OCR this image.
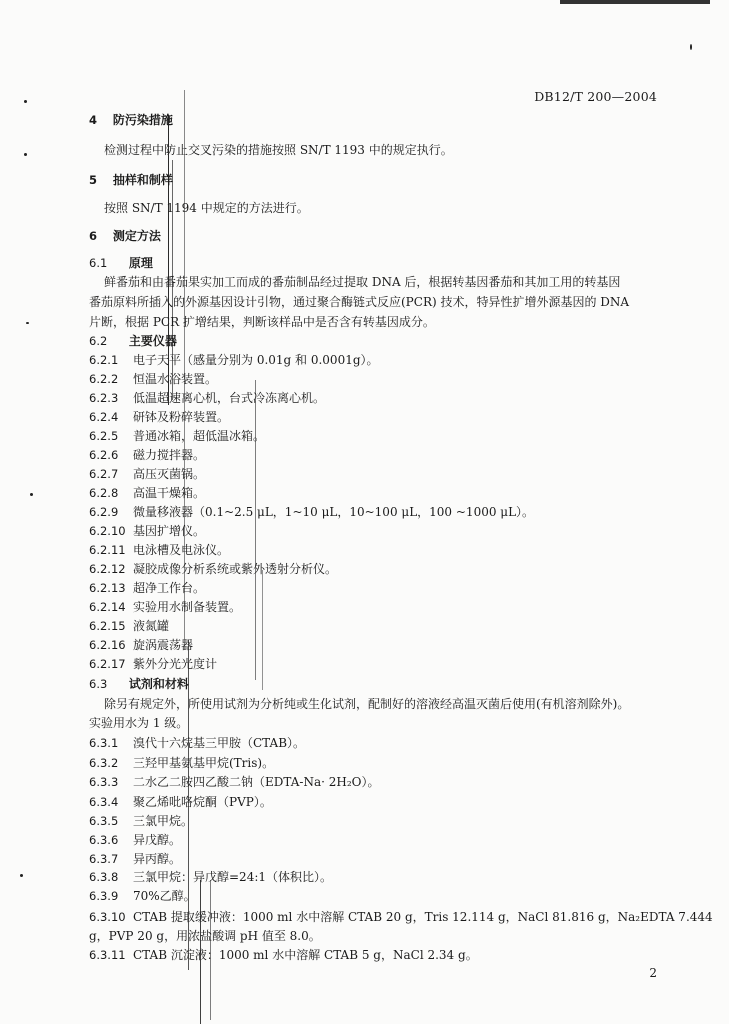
DB12/T 200—2004
4 防污染措施
检测过程中防止交叉污染的措施按照 SN/T 1193 中的规定执行。
5 抽样和制样
按照 SN/T 1194 中规定的方法进行。
6 测定方法
6.1 原理
鲜番茄和由番茄果实加工而成的番茄制品经过提取 DNA 后，根据转基因番茄和其加工用的转基因
番茄原料所插入的外源基因设计引物，通过聚合酶链式反应(PCR) 技术，特异性扩增外源基因的 DNA
片断，根据 PCR 扩增结果，判断该样品中是否含有转基因成分。
6.2 主要仪器
6.2.1 电子天平（感量分别为 0.01g 和 0.0001g）。
6.2.2 恒温水浴装置。
6.2.3 低温超速离心机，台式冷冻离心机。
6.2.4 研钵及粉碎装置。
6.2.5 普通冰箱，超低温冰箱。
6.2.6 磁力搅拌器。
6.2.7 高压灭菌锅。
6.2.8 高温干燥箱。
6.2.9 微量移液器（0.1~2.5 μL，1~10 μL，10~100 μL，100 ~1000 μL）。
6.2.10 基因扩增仪。
6.2.11 电泳槽及电泳仪。
6.2.12 凝胶成像分析系统或紫外透射分析仪。
6.2.13 超净工作台。
6.2.14 实验用水制备装置。
6.2.15 液氮罐
6.2.16 旋涡震荡器
6.2.17 紫外分光光度计
6.3 试剂和材料
除另有规定外，所使用试剂为分析纯或生化试剂，配制好的溶液经高温灭菌后使用(有机溶剂除外)。
实验用水为 1 级。
6.3.1 溴代十六烷基三甲胺（CTAB）。
6.3.2 三羟甲基氨基甲烷(Tris)。
6.3.3 二水乙二胺四乙酸二钠（EDTA-Na· 2H₂O）。
6.3.4 聚乙烯吡咯烷酮（PVP）。
6.3.5 三氯甲烷。
6.3.6 异戊醇。
6.3.7 异丙醇。
6.3.8 三氯甲烷：异戊醇=24:1（体积比）。
6.3.9 70%乙醇。
6.3.10 CTAB 提取缓冲液：1000 ml 水中溶解 CTAB 20 g，Tris 12.114 g，NaCl 81.816 g，Na₂EDTA 7.444
g，PVP 20 g，用浓盐酸调 pH 值至 8.0。
6.3.11 CTAB 沉淀液：1000 ml 水中溶解 CTAB 5 g，NaCl 2.34 g。
2
